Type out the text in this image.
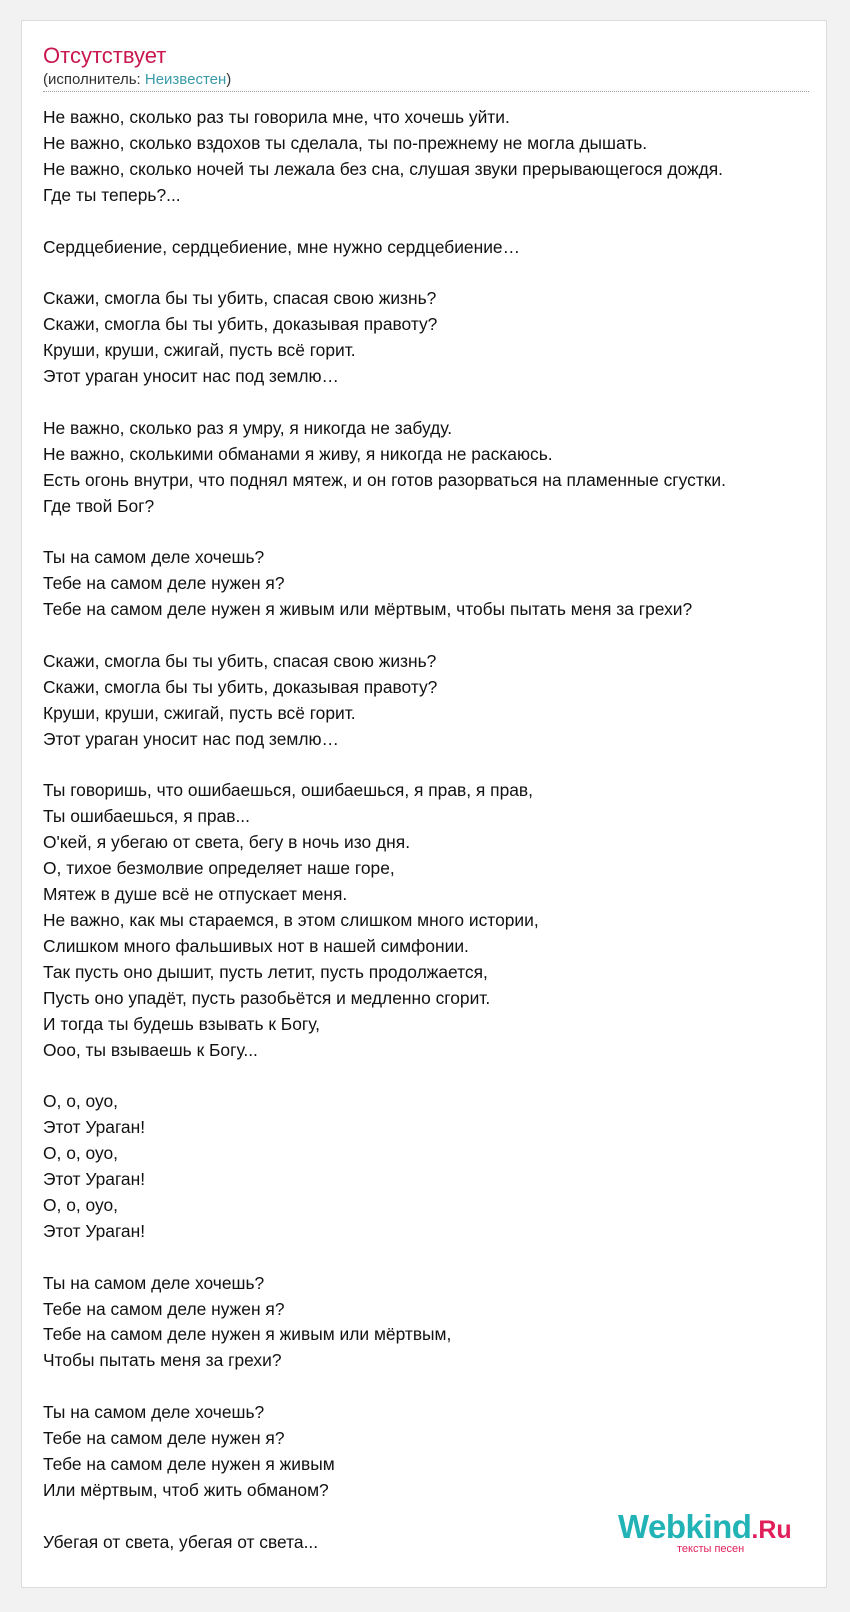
Отсутствует
(исполнитель: Неизвестен)
Не важно, сколько раз ты говорила мне, что хочешь уйти.
Не важно, сколько вздохов ты сделала, ты по-прежнему не могла дышать.
Не важно, сколько ночей ты лежала без сна, слушая звуки прерывающегося дождя.
Где ты теперь?...
Сердцебиение, сердцебиение, мне нужно сердцебиение…
Скажи, смогла бы ты убить, спасая свою жизнь?
Скажи, смогла бы ты убить, доказывая правоту?
Круши, круши, сжигай, пусть всё горит.
Этот ураган уносит нас под землю…
Не важно, сколько раз я умру, я никогда не забуду.
Не важно, сколькими обманами я живу, я никогда не раскаюсь.
Есть огонь внутри, что поднял мятеж, и он готов разорваться на пламенные сгустки.
Где твой Бог?
Ты на самом деле хочешь?
Тебе на самом деле нужен я?
Тебе на самом деле нужен я живым или мёртвым, чтобы пытать меня за грехи?
Скажи, смогла бы ты убить, спасая свою жизнь?
Скажи, смогла бы ты убить, доказывая правоту?
Круши, круши, сжигай, пусть всё горит.
Этот ураган уносит нас под землю…
Ты говоришь, что ошибаешься, ошибаешься, я прав, я прав,
Ты ошибаешься, я прав...
О'кей, я убегаю от света, бегу в ночь изо дня.
О, тихое безмолвие определяет наше горе,
Мятеж в душе всё не отпускает меня.
Не важно, как мы стараемся, в этом слишком много истории,
Слишком много фальшивых нот в нашей симфонии.
Так пусть оно дышит, пусть летит, пусть продолжается,
Пусть оно упадёт, пусть разобьётся и медленно сгорит.
И тогда ты будешь взывать к Богу,
Ооо, ты взываешь к Богу...
О, о, оуо,
Этот Ураган!
О, о, оуо,
Этот Ураган!
О, о, оуо,
Этот Ураган!
Ты на самом деле хочешь?
Тебе на самом деле нужен я?
Тебе на самом деле нужен я живым или мёртвым,
Чтобы пытать меня за грехи?
Ты на самом деле хочешь?
Тебе на самом деле нужен я?
Тебе на самом деле нужен я живым
Или мёртвым, чтоб жить обманом?
Убегая от света, убегая от света...	Webkind.Ru
тексты песен
